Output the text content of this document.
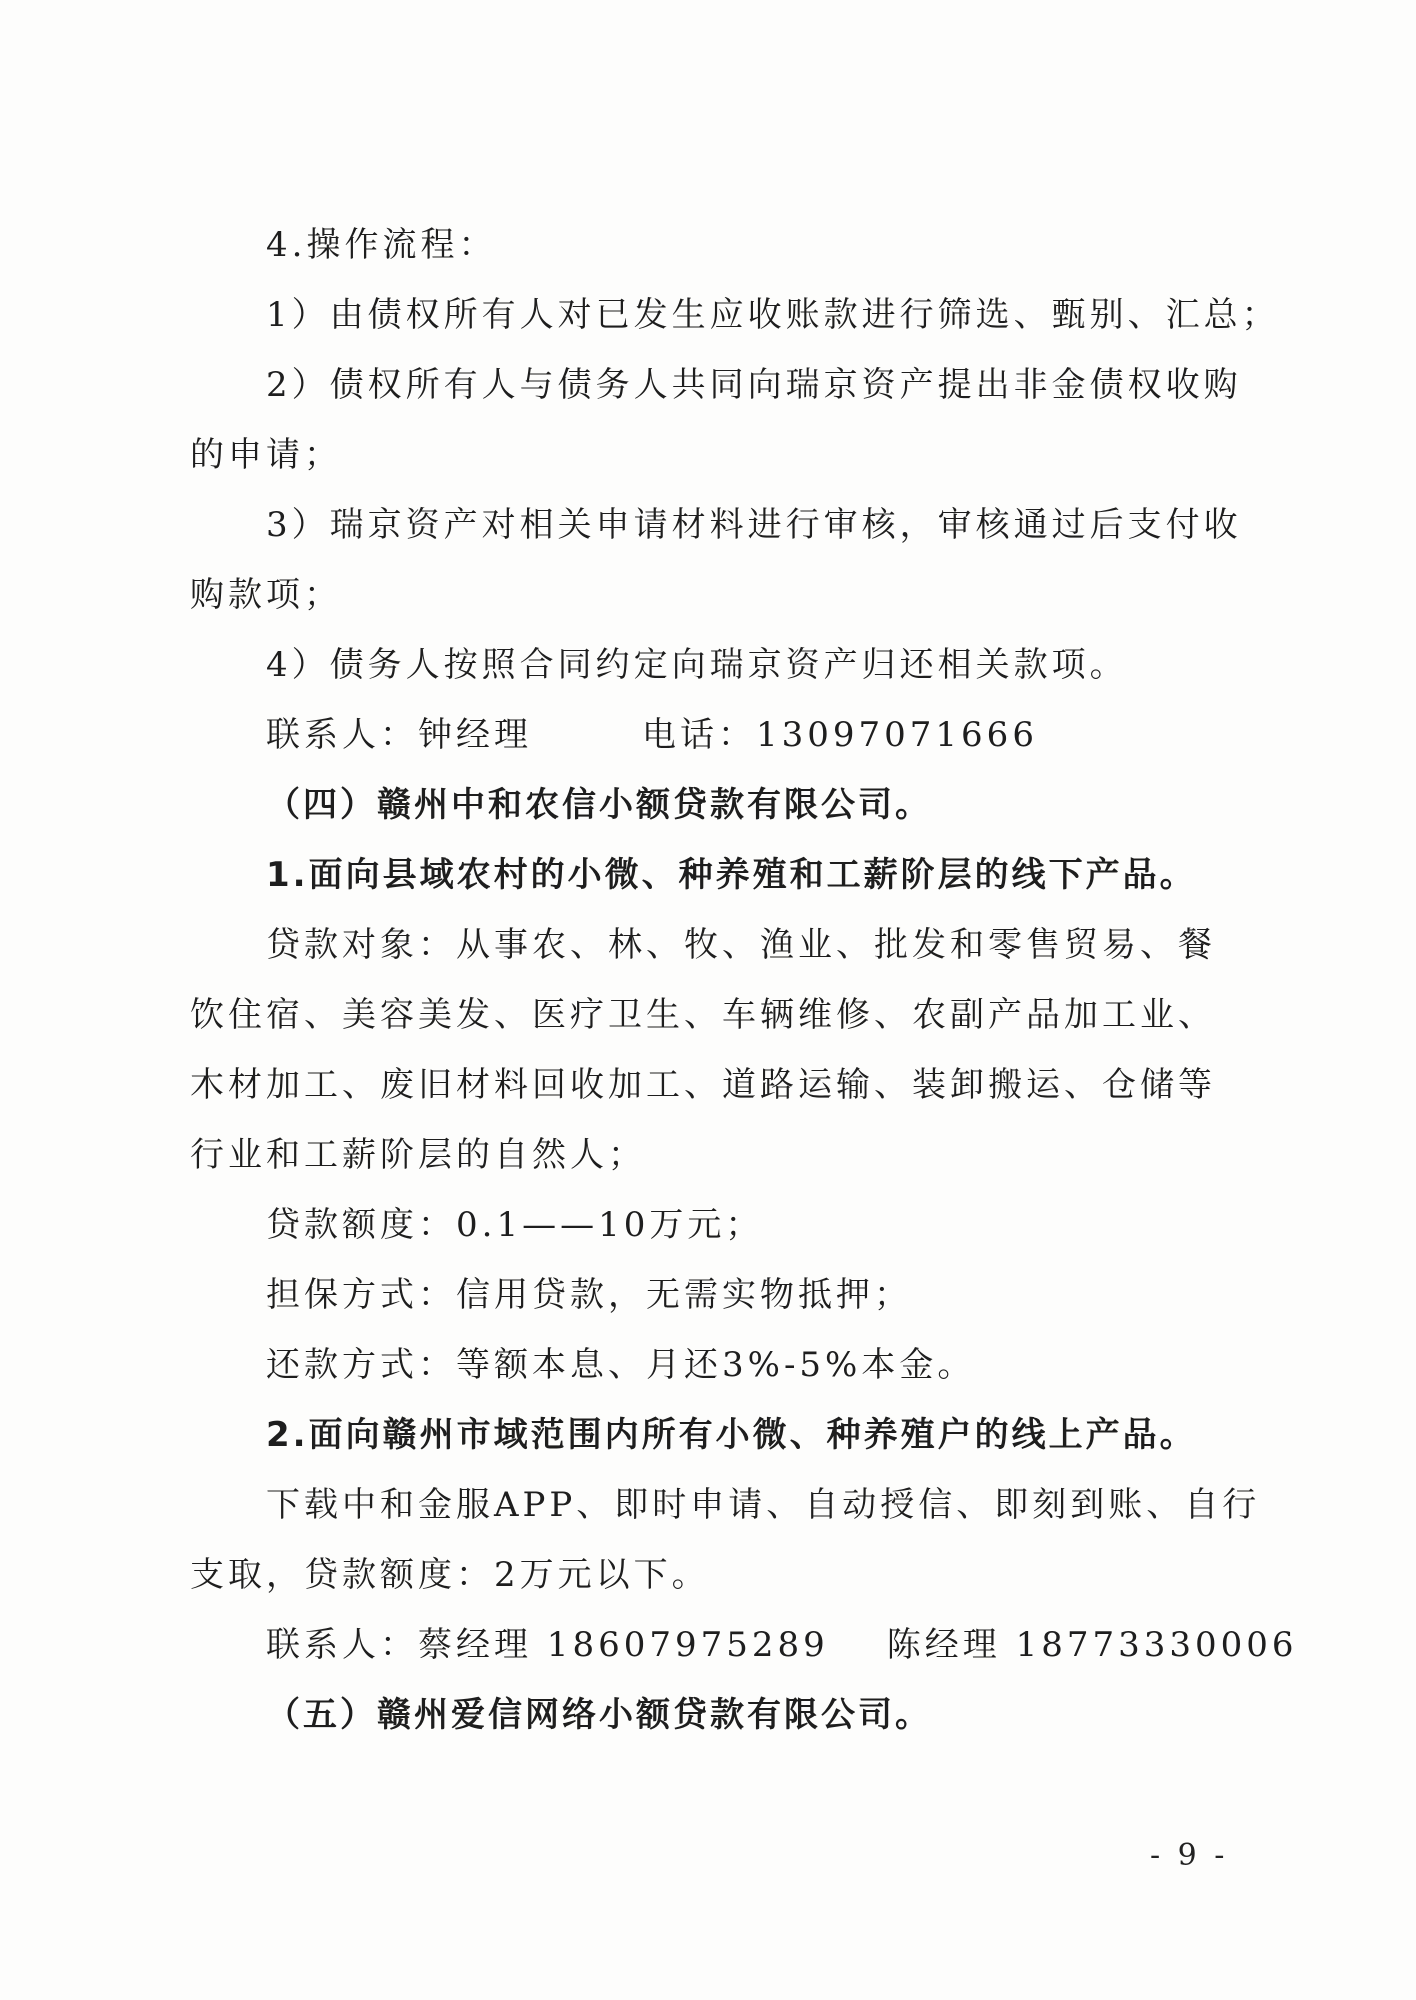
4.操作流程：
1）由债权所有人对已发生应收账款进行筛选、甄别、汇总；
2）债权所有人与债务人共同向瑞京资产提出非金债权收购
的申请；
3）瑞京资产对相关申请材料进行审核，审核通过后支付收
购款项；
4）债务人按照合同约定向瑞京资产归还相关款项。
联系人：钟经理	电话：13097071666
（四）赣州中和农信小额贷款有限公司。
1.面向县域农村的小微、种养殖和工薪阶层的线下产品。
贷款对象：从事农、林、牧、渔业、批发和零售贸易、餐
饮住宿、美容美发、医疗卫生、车辆维修、农副产品加工业、
木材加工、废旧材料回收加工、道路运输、装卸搬运、仓储等
行业和工薪阶层的自然人；
贷款额度：0.1——10万元；
担保方式：信用贷款，无需实物抵押；
还款方式：等额本息、月还3%-5%本金。
2.面向赣州市域范围内所有小微、种养殖户的线上产品。
下载中和金服APP、即时申请、自动授信、即刻到账、自行
支取，贷款额度：2万元以下。
联系人：蔡经理 18607975289 陈经理 18773330006
（五）赣州爱信网络小额贷款有限公司。
- 9 -
